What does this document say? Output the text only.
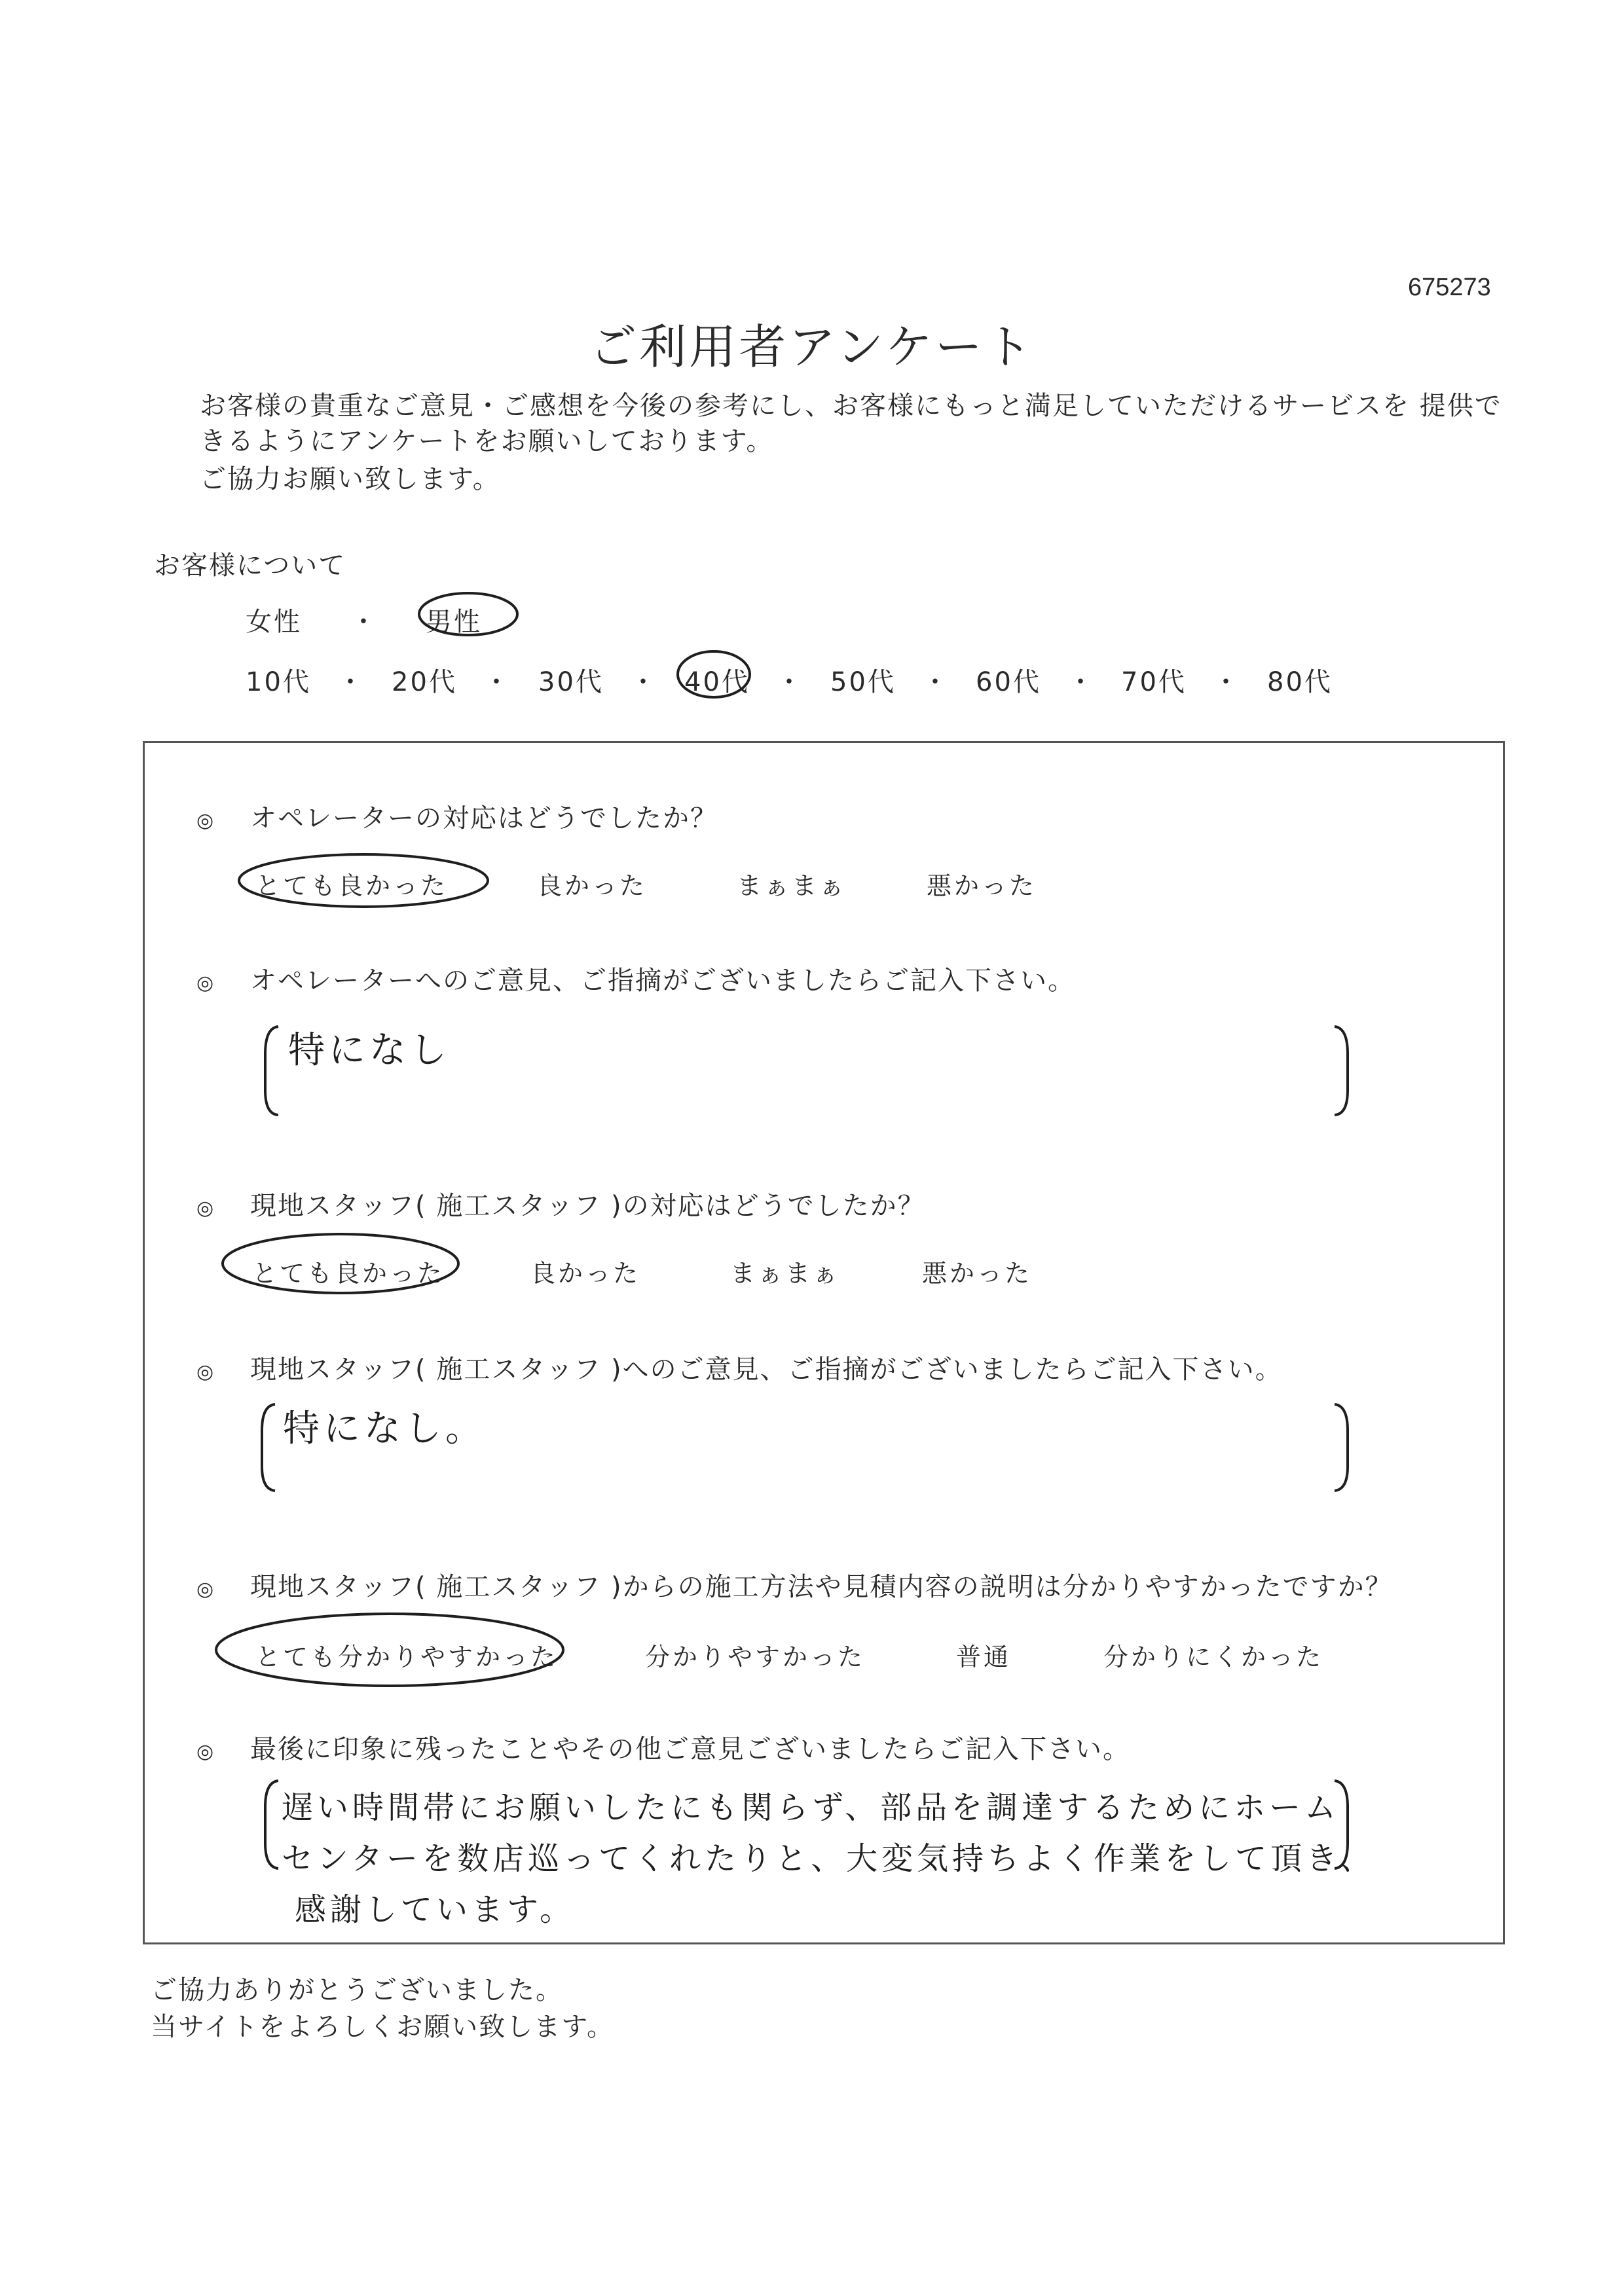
675273
ご利用者アンケート
お客様の貴重なご意見・ご感想を今後の参考にし、お客様にもっと満足していただけるサービスを 提供で
きるようにアンケートをお願いしております。
ご協力お願い致します。
お客様について
女性 ・ 男性
10代 ・ 20代 ・ 30代 ・ 40代 ・ 50代 ・ 60代 ・ 70代 ・ 80代
◎ オペレーターの対応はどうでしたか？
とても良かった	良かった	まぁまぁ	悪かった
◎ オペレーターへのご意見、ご指摘がございましたらご記入下さい。
特になし
◎ 現地スタッフ( 施工スタッフ )の対応はどうでしたか？
とても良かった	良かった	まぁまぁ	悪かった
◎ 現地スタッフ( 施工スタッフ )へのご意見、ご指摘がございましたらご記入下さい。
特になし。
◎ 現地スタッフ( 施工スタッフ )からの施工方法や見積内容の説明は分かりやすかったですか？
とても分かりやすかった	分かりやすかった	普通	分かりにくかった
◎ 最後に印象に残ったことやその他ご意見ございましたらご記入下さい。
遅い時間帯にお願いしたにも関らず、部品を調達するためにホーム
センターを数店巡ってくれたりと、大変気持ちよく作業をして頂き、
感謝しています。
ご協力ありがとうございました。
当サイトをよろしくお願い致します。
